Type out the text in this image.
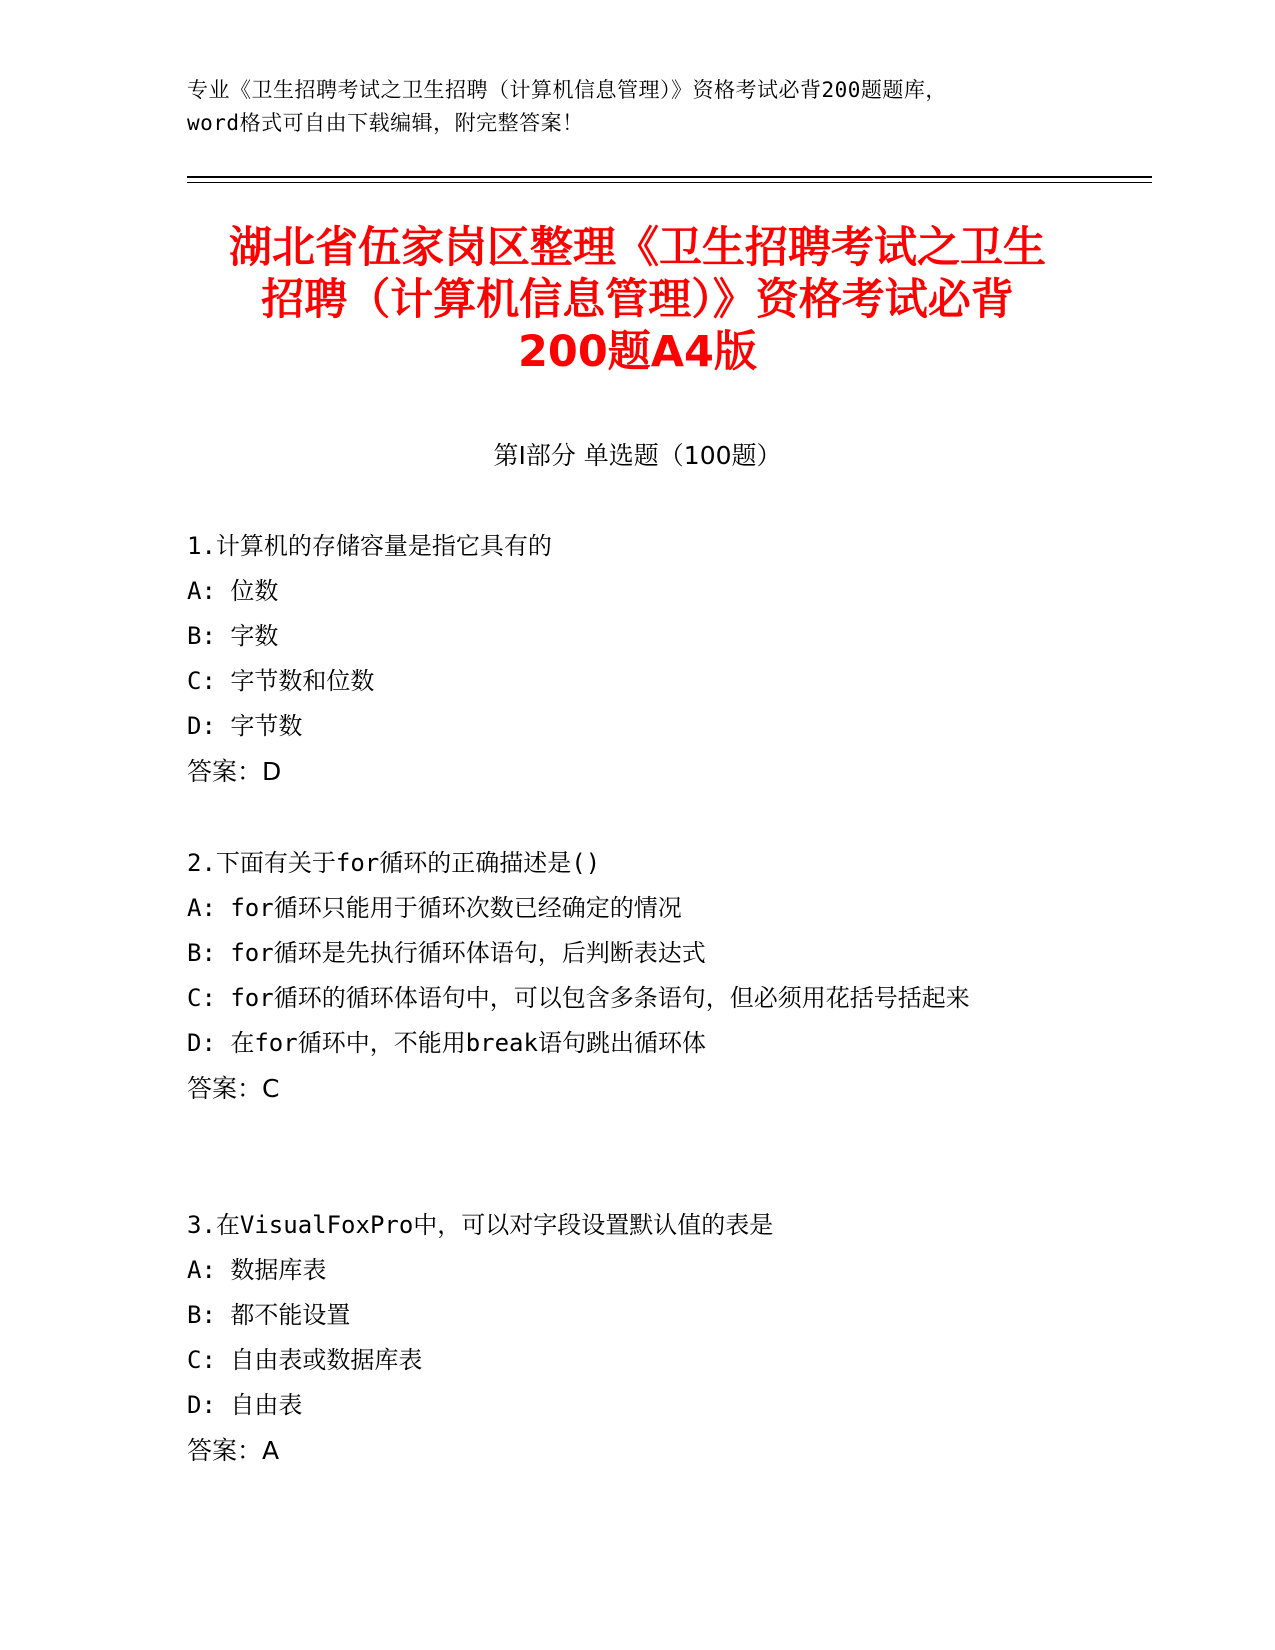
专业《卫生招聘考试之卫生招聘（计算机信息管理）》资格考试必背200题题库，
word格式可自由下载编辑，附完整答案！
湖北省伍家岗区整理《卫生招聘考试之卫生
招聘（计算机信息管理）》资格考试必背
200题A4版
第Ⅰ部分 单选题（100题）
1.计算机的存储容量是指它具有的
A: 位数
B: 字数
C: 字节数和位数
D: 字节数
答案：D
2.下面有关于for循环的正确描述是()
A: for循环只能用于循环次数已经确定的情况
B: for循环是先执行循环体语句，后判断表达式
C: for循环的循环体语句中，可以包含多条语句，但必须用花括号括起来
D: 在for循环中，不能用break语句跳出循环体
答案：C
3.在VisualFoxPro中，可以对字段设置默认值的表是
A: 数据库表
B: 都不能设置
C: 自由表或数据库表
D: 自由表
答案：A
